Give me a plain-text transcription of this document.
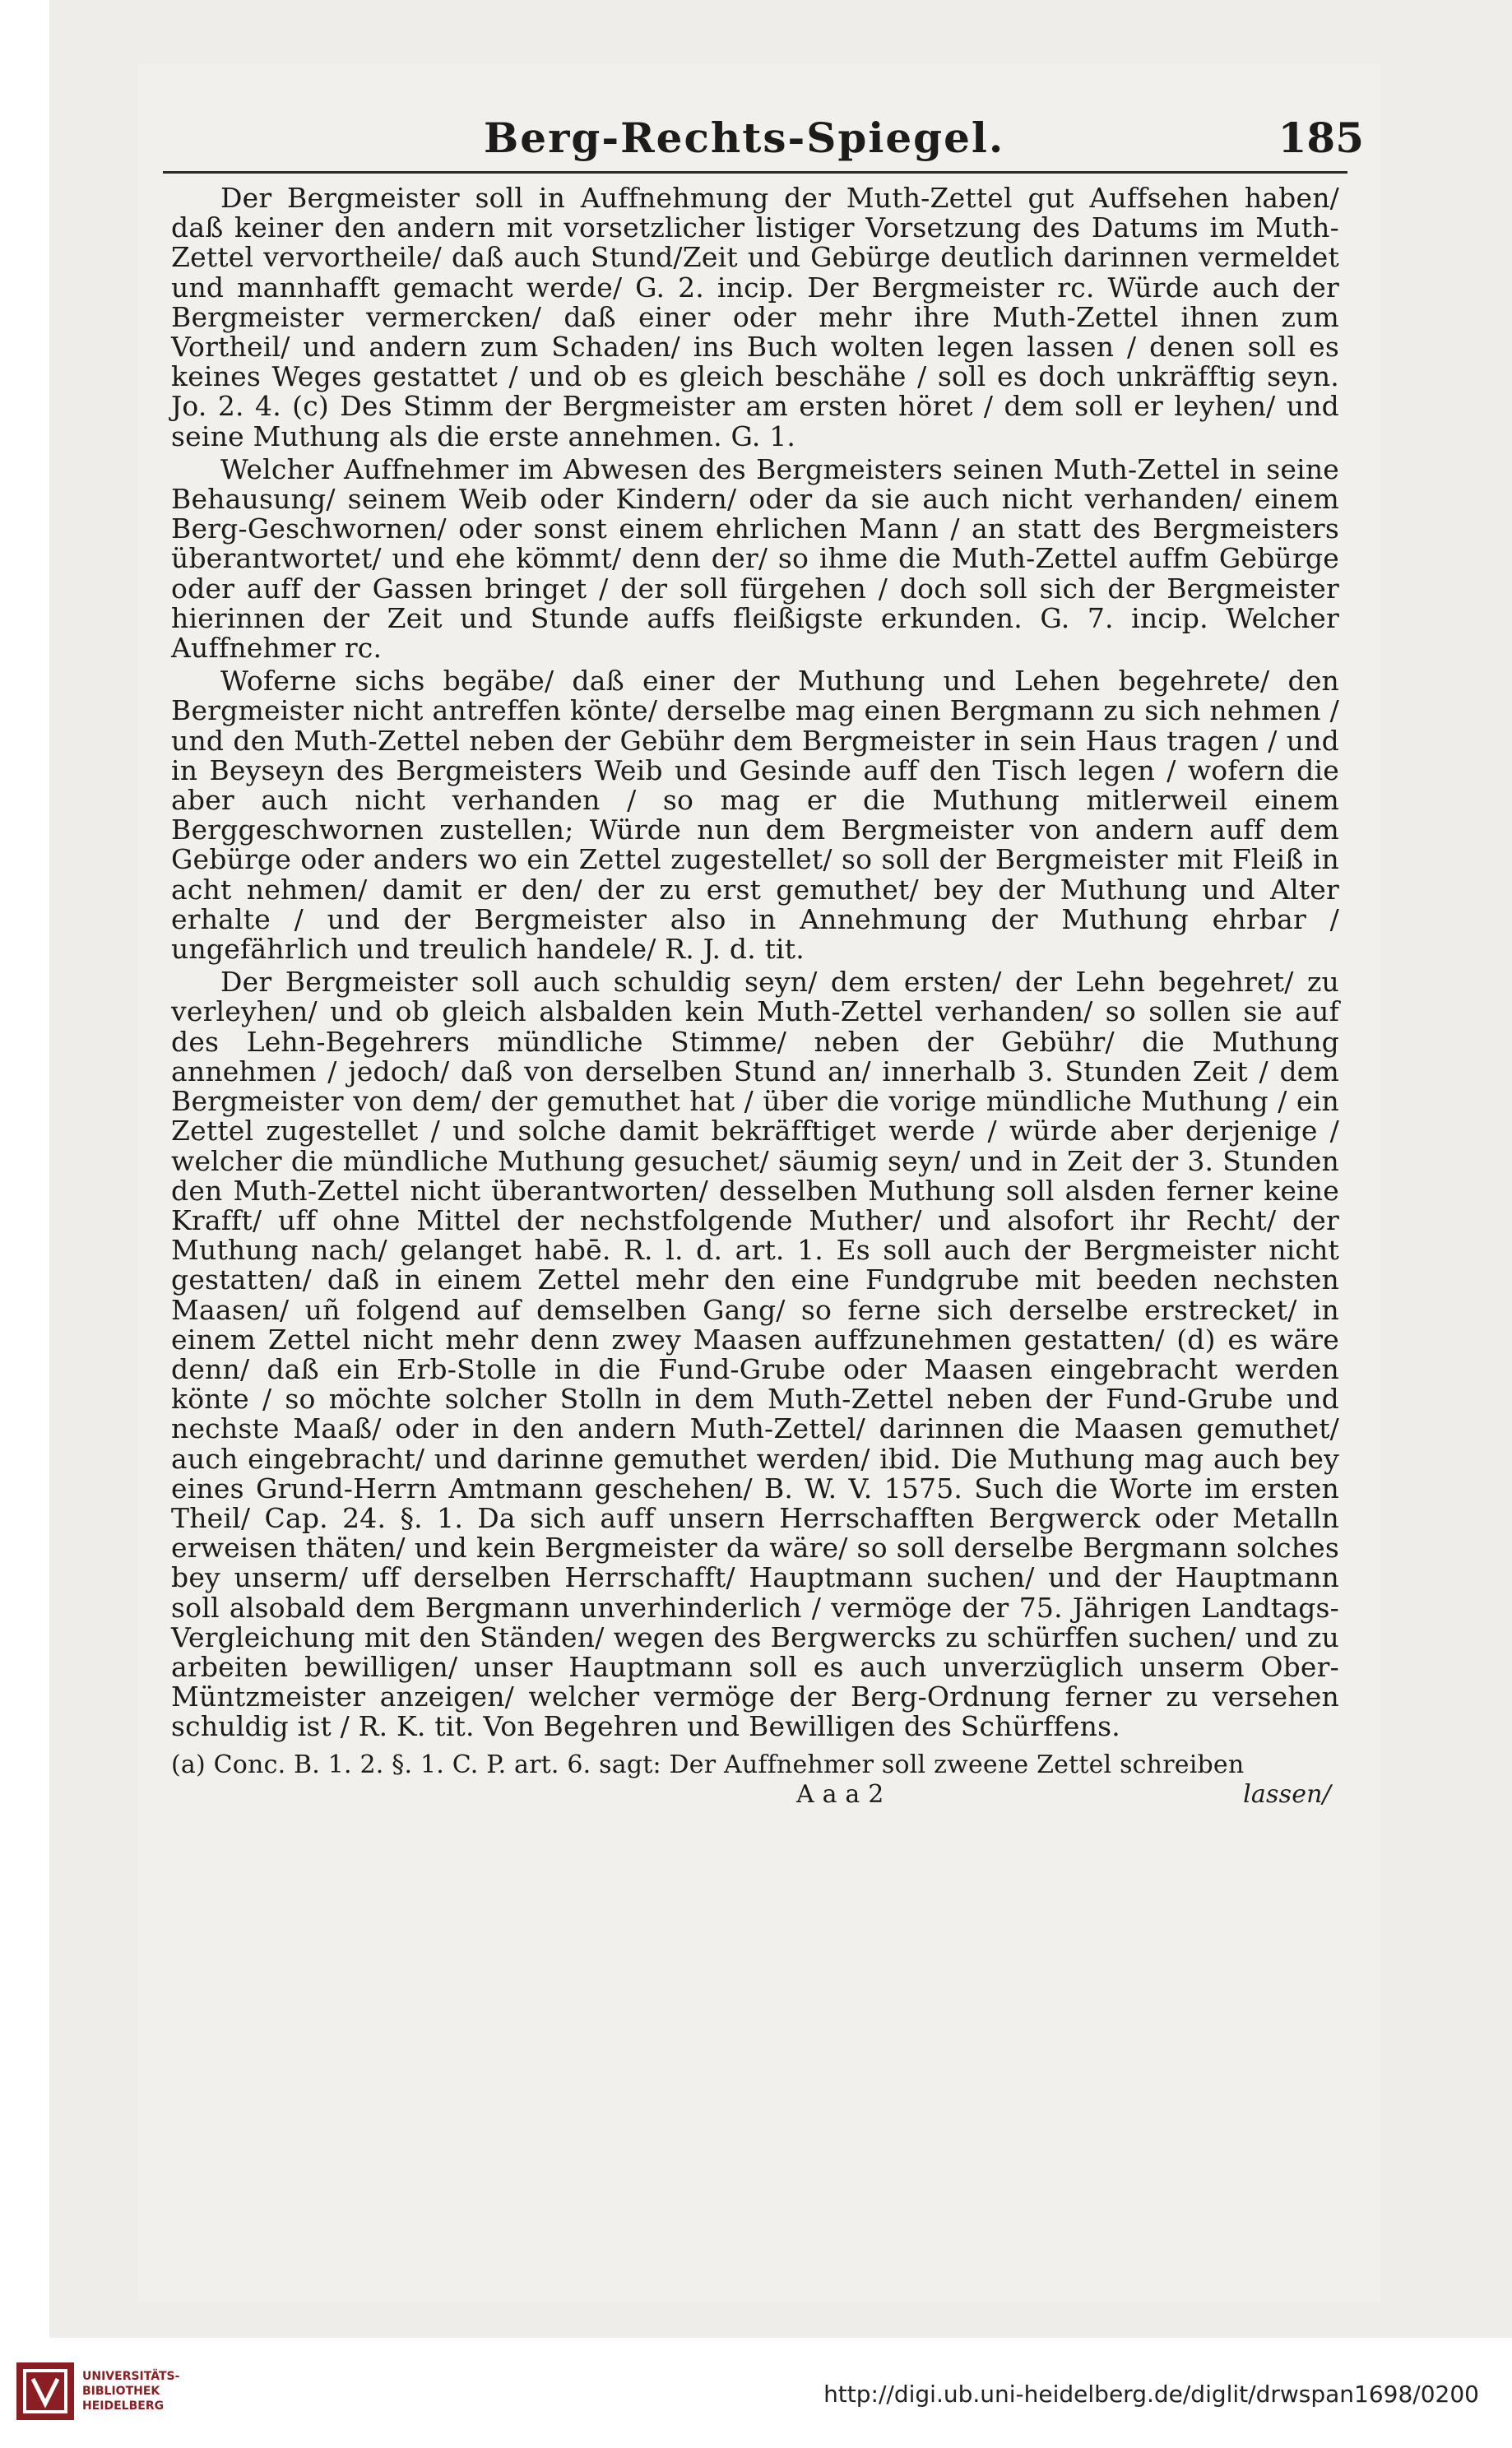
Berg-Rechts-Spiegel.	185

Der Bergmeister soll in Auffnehmung der Muth-Zettel gut Auffsehen haben/ daß keiner den andern mit vorsetzlicher listiger Vorsetzung des Datums im Muth-Zettel vervortheile/ daß auch Stund/Zeit und Gebürge deutlich darinnen vermeldet und mannhafft gemacht werde/ G. 2. incip. Der Bergmeister rc. Würde auch der Bergmeister vermercken/ daß einer oder mehr ihre Muth-Zettel ihnen zum Vortheil/ und andern zum Schaden/ ins Buch wolten legen lassen / denen soll es keines Weges gestattet / und ob es gleich beschähe / soll es doch unkräfftig seyn. Jo. 2. 4. (c) Des Stimm der Bergmeister am ersten höret / dem soll er leyhen/ und seine Muthung als die erste annehmen. G. 1.

Welcher Auffnehmer im Abwesen des Bergmeisters seinen Muth-Zettel in seine Behausung/ seinem Weib oder Kindern/ oder da sie auch nicht verhanden/ einem Berg-Geschwornen/ oder sonst einem ehrlichen Mann / an statt des Bergmeisters überantwortet/ und ehe kömmt/ denn der/ so ihme die Muth-Zettel auffm Gebürge oder auff der Gassen bringet / der soll fürgehen / doch soll sich der Bergmeister hierinnen der Zeit und Stunde auffs fleißigste erkunden. G. 7. incip. Welcher Auffnehmer rc.

Woferne sichs begäbe/ daß einer der Muthung und Lehen begehrete/ den Bergmeister nicht antreffen könte/ derselbe mag einen Bergmann zu sich nehmen / und den Muth-Zettel neben der Gebühr dem Bergmeister in sein Haus tragen / und in Beyseyn des Bergmeisters Weib und Gesinde auff den Tisch legen / wofern die aber auch nicht verhanden / so mag er die Muthung mitlerweil einem Berggeschwornen zustellen; Würde nun dem Bergmeister von andern auff dem Gebürge oder anders wo ein Zettel zugestellet/ so soll der Bergmeister mit Fleiß in acht nehmen/ damit er den/ der zu erst gemuthet/ bey der Muthung und Alter erhalte / und der Bergmeister also in Annehmung der Muthung ehrbar / ungefährlich und treulich handele/ R. J. d. tit.

Der Bergmeister soll auch schuldig seyn/ dem ersten/ der Lehn begehret/ zu verleyhen/ und ob gleich alsbalden kein Muth-Zettel verhanden/ so sollen sie auf des Lehn-Begehrers mündliche Stimme/ neben der Gebühr/ die Muthung annehmen / jedoch/ daß von derselben Stund an/ innerhalb 3. Stunden Zeit / dem Bergmeister von dem/ der gemuthet hat / über die vorige mündliche Muthung / ein Zettel zugestellet / und solche damit bekräfftiget werde / würde aber derjenige / welcher die mündliche Muthung gesuchet/ säumig seyn/ und in Zeit der 3. Stunden den Muth-Zettel nicht überantworten/ desselben Muthung soll alsden ferner keine Krafft/ uff ohne Mittel der nechstfolgende Muther/ und alsofort ihr Recht/ der Muthung nach/ gelanget habē. R. l. d. art. 1. Es soll auch der Bergmeister nicht gestatten/ daß in einem Zettel mehr den eine Fundgrube mit beeden nechsten Maasen/ uñ folgend auf demselben Gang/ so ferne sich derselbe erstrecket/ in einem Zettel nicht mehr denn zwey Maasen auffzunehmen gestatten/ (d) es wäre denn/ daß ein Erb-Stolle in die Fund-Grube oder Maasen eingebracht werden könte / so möchte solcher Stolln in dem Muth-Zettel neben der Fund-Grube und nechste Maaß/ oder in den andern Muth-Zettel/ darinnen die Maasen gemuthet/ auch eingebracht/ und darinne gemuthet werden/ ibid. Die Muthung mag auch bey eines Grund-Herrn Amtmann geschehen/ B. W. V. 1575. Such die Worte im ersten Theil/ Cap. 24. §. 1. Da sich auff unsern Herrschafften Bergwerck oder Metalln erweisen thäten/ und kein Bergmeister da wäre/ so soll derselbe Bergmann solches bey unserm/ uff derselben Herrschafft/ Hauptmann suchen/ und der Hauptmann soll alsobald dem Bergmann unverhinderlich / vermöge der 75. Jährigen Landtags-Vergleichung mit den Ständen/ wegen des Bergwercks zu schürffen suchen/ und zu arbeiten bewilligen/ unser Hauptmann soll es auch unverzüglich unserm Ober-Müntzmeister anzeigen/ welcher vermöge der Berg-Ordnung ferner zu versehen schuldig ist / R. K. tit. Von Begehren und Bewilligen des Schürffens.

(a) Conc. B. 1. 2. §. 1. C. P. art. 6. sagt: Der Auffnehmer soll zweene Zettel schreiben
A a a 2	lassen/
UNIVERSITÄTS-
BIBLIOTHEK
HEIDELBERG	http://digi.ub.uni-heidelberg.de/diglit/drwspan1698/0200
